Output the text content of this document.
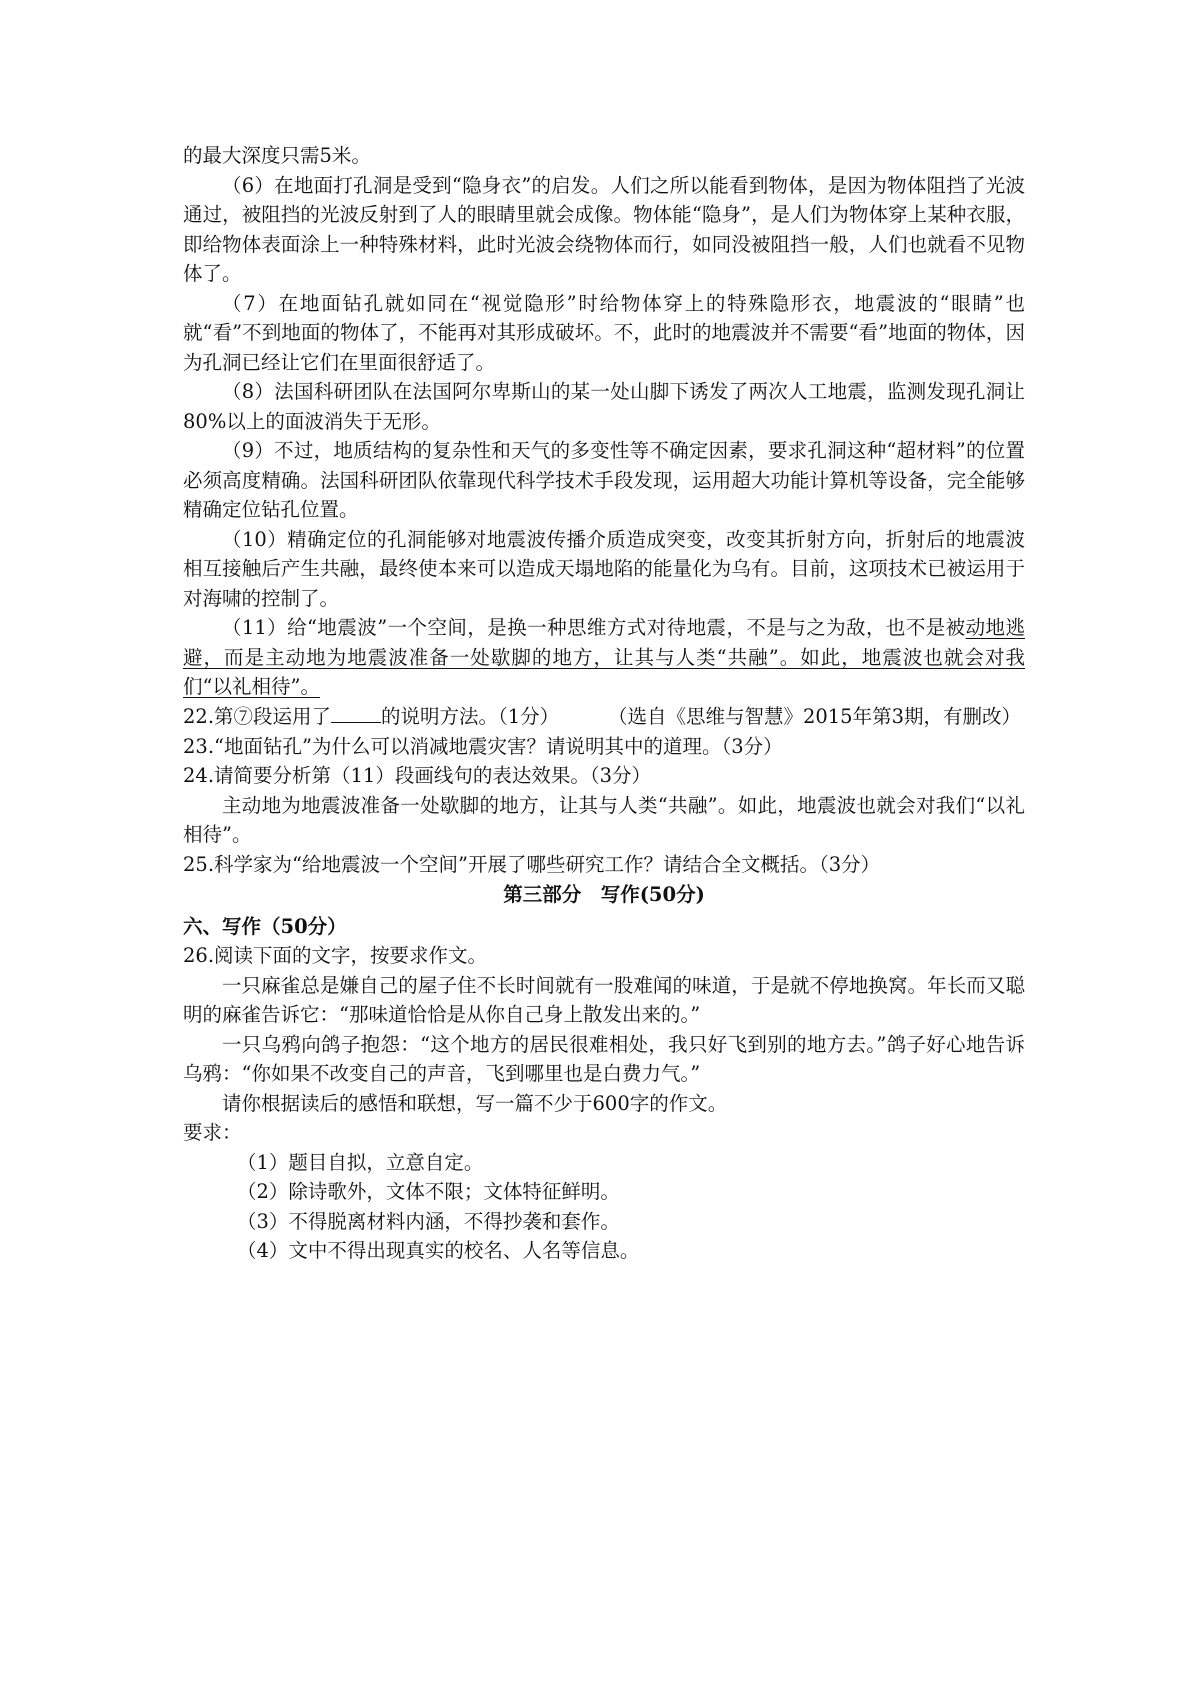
的最大深度只需5米。

（6）在地面打孔洞是受到“隐身衣”的启发。人们之所以能看到物体，是因为物体阻挡了光波通过，被阻挡的光波反射到了人的眼睛里就会成像。物体能“隐身”，是人们为物体穿上某种衣服，即给物体表面涂上一种特殊材料，此时光波会绕物体而行，如同没被阻挡一般，人们也就看不见物体了。

（7）在地面钻孔就如同在“视觉隐形”时给物体穿上的特殊隐形衣，地震波的“眼睛”也就“看”不到地面的物体了，不能再对其形成破坏。不，此时的地震波并不需要“看”地面的物体，因为孔洞已经让它们在里面很舒适了。

（8）法国科研团队在法国阿尔卑斯山的某一处山脚下诱发了两次人工地震，监测发现孔洞让80%以上的面波消失于无形。

（9）不过，地质结构的复杂性和天气的多变性等不确定因素，要求孔洞这种“超材料”的位置必须高度精确。法国科研团队依靠现代科学技术手段发现，运用超大功能计算机等设备，完全能够精确定位钻孔位置。

（10）精确定位的孔洞能够对地震波传播介质造成突变，改变其折射方向，折射后的地震波相互接触后产生共融，最终使本来可以造成天塌地陷的能量化为乌有。目前，这项技术已被运用于对海啸的控制了。

（11）给“地震波”一个空间，是换一种思维方式对待地震，不是与之为敌，也不是被动地逃避，而是主动地为地震波准备一处歇脚的地方，让其与人类“共融”。如此，地震波也就会对我们“以礼相待”。

（选自《思维与智慧》2015年第3期，有删改）

22.第⑦段运用了	的说明方法。（1分）

23.“地面钻孔”为什么可以消减地震灾害？请说明其中的道理。（3分）

24.请简要分析第（11）段画线句的表达效果。（3分）

主动地为地震波准备一处歇脚的地方，让其与人类“共融”。如此，地震波也就会对我们“以礼相待”。

25.科学家为“给地震波一个空间”开展了哪些研究工作？请结合全文概括。（3分）

第三部分　写作(50分)

六、写作（50分）

26.阅读下面的文字，按要求作文。

一只麻雀总是嫌自己的屋子住不长时间就有一股难闻的味道，于是就不停地换窝。年长而又聪明的麻雀告诉它：“那味道恰恰是从你自己身上散发出来的。”

一只乌鸦向鸽子抱怨：“这个地方的居民很难相处，我只好飞到别的地方去。”鸽子好心地告诉乌鸦：“你如果不改变自己的声音，飞到哪里也是白费力气。”

请你根据读后的感悟和联想，写一篇不少于600字的作文。

要求：

（1）题目自拟，立意自定。

（2）除诗歌外，文体不限；文体特征鲜明。

（3）不得脱离材料内涵，不得抄袭和套作。

（4）文中不得出现真实的校名、人名等信息。
